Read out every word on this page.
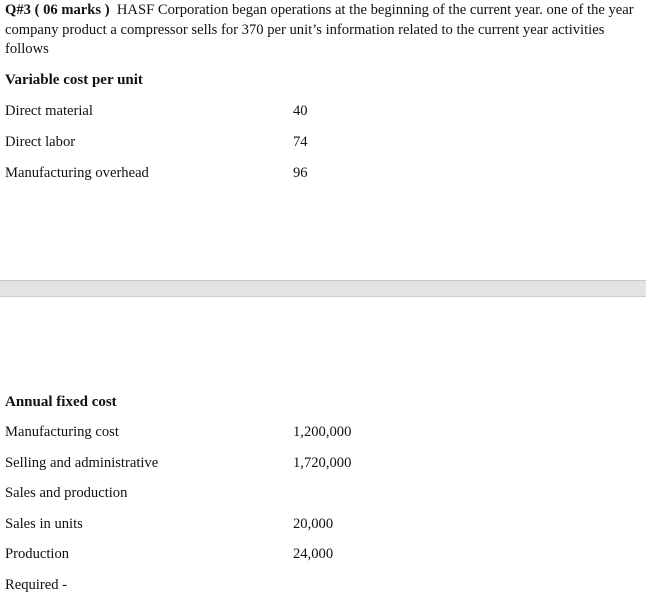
Q#3 ( 06 marks ) HASF Corporation began operations at the beginning of the current year. one of the year company product a compressor sells for 370 per unit’s information related to the current year activities follows
Variable cost per unit
Direct material	40
Direct labor	74
Manufacturing overhead	96
Annual fixed cost
Manufacturing cost	1,200,000
Selling and administrative	1,720,000
Sales and production
Sales in units	20,000
Production	24,000
Required -
